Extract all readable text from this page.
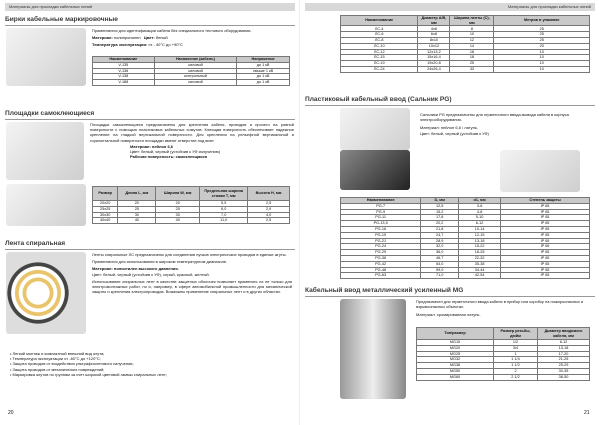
Материалы для прокладки кабельных линий
Бирки кабельные маркировочные
Применяются для идентификации кабеля без специального тестового оборудования.
Материал: полипропилен Цвет: белый
Температура эксплуатации: от - 40°С до +90°С
Наименование	Назначение (кабель)	Напряжение
V-135	силовой	до 1 кВ
V-136	силовой	свыше 1 кВ
V-138	контрольный	до 1 кВ
V-188	силовой	до 1 кВ
Площадки самоклеющиеся
Площадки самоклеющиеся предназначены для крепления кабеля, проводов и прочего на ровной поверхности с помощью пластиковых кабельных хомутов. Клеящая поверхность обеспечивает надежное крепление на гладкой вертикальной поверхности. Для крепления на рельефной вертикальной и горизонтальной поверхности площадки имеют отверстие под винт.
Материал: нейлон 6,6
Цвет: белый, черный (устойчив к УФ излучению)
Рабочая поверхность: самоклеящаяся
Размер	Длина L, мм	Ширина W, мм	Предельная ширина стяжки T, мм	Высота H, мм
20x20	20	20	5,5	2,5
25x25	25	25	6,0	2,9
30x30	30	30	7,0	4,0
40x40	40	40	11,0	2,5
Лента спиральная
Ленты спиральные ЛС предназначены для соединения пучков электрических проводов в единые жгуты.
Применяются для использования в широком температурном диапазоне.
Материал: полиэтилен высокого давления.
Цвет: белый, черный (устойчив к УФ), серый, красный, желтый.
Использование спиральных лент в качестве защитных оболочек позволяет применять их не только для электромонтажных работ, но и, например, в сфере автомобильной промышленности для механической защиты и крепления электропроводов. Возможны применение спиральных лент и в других областях.
• Легкий монтаж и компактный внешний вид жгута;
• Температура эксплуатации от -60°С до +120°С;
• Защита проводов от воздействия ультрафиолетового излучения;
• Защита проводов от механических повреждений;
• Маркировка жгутов по группам за счет широкой цветовой гаммы спиральных лент;
20
Материалы для прокладки кабельных линий
Наименование	Диаметр A/B, мм	Ширина ленты (C), мм	Метров в упаковке
ЛС-4	4x6	8	25
ЛС-6	6x8	10	25
ЛС-8	8x10	12	25
ЛС-10	10x12	14	20
ЛС-12	12x13,2	18	10
ЛС-15	15x16,4	18	10
ЛС-19	19x20,8	25	10
ЛС-24	24x26,4	33	10
Пластиковый кабельный ввод (Сальник PG)
Сальники PG предназначены для герметичного ввода-вывода кабеля в корпуса электрооборудования.
Материал: нейлон 6,6 / латунь.
Цвет: белый, черный (устойчив к УФ)
Наименование	D, мм	d1, мм	Степень защиты
PG-7	12,5	3-6	IP 65
PG-9	15,2	4-8	IP 65
PG-11	17,8	5-10	IP 65
PG-13,5	20,2	6-12	IP 65
PG-16	21,8	10-14	IP 65
PG-19	24,7	12-15	IP 65
PG-21	28,9	13-18	IP 65
PG-24	32,0	15-22	IP 65
PG-29	36,0	18-25	IP 65
PG-36	46,7	22-32	IP 65
PG-42	54,0	30-38	IP 65
PG-48	59,0	34-44	IP 65
PG-63	71,0	42-54	IP 65
Кабельный ввод металлический усиленный MG
Предназначен для герметичного ввода кабеля в прибор или коробку на пожароопасных и взрывоопасных объектах.
Материал: хромированная латунь.
Тип/размер	Размер резьбы, дюйм	Диаметр вводимого кабеля, мм
MG15	1/2	6-12
MG20	3/4	13-18
MG25	1	17-20
MG32	1 1/4	21-25
MG38	1 1/2	25-29
MG50	2	30-35
MG60	2 1/2	38-50
21
